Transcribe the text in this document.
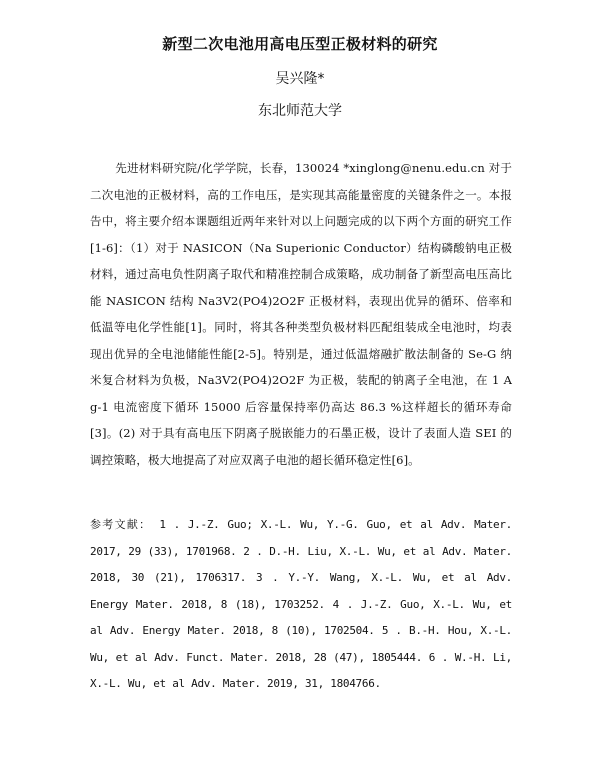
新型二次电池用高电压型正极材料的研究
吴兴隆*
东北师范大学
先进材料研究院/化学学院，长春，130024 *xinglong@nenu.edu.cn 对于二次电池的正极材料，高的工作电压，是实现其高能量密度的关键条件之一。本报告中，将主要介绍本课题组近两年来针对以上问题完成的以下两个方面的研究工作[1-6]：（1）对于 NASICON（Na Superionic Conductor）结构磷酸钠电正极材料，通过高电负性阴离子取代和精准控制合成策略，成功制备了新型高电压高比能 NASICON 结构 Na3V2(PO4)2O2F 正极材料，表现出优异的循环、倍率和低温等电化学性能[1]。同时，将其各种类型负极材料匹配组装成全电池时，均表现出优异的全电池储能性能[2-5]。特别是，通过低温熔融扩散法制备的 Se-G 纳米复合材料为负极，Na3V2(PO4)2O2F 为正极，装配的钠离子全电池，在 1 A g-1 电流密度下循环 15000 后容量保持率仍高达 86.3 %这样超长的循环寿命[3]。(2) 对于具有高电压下阴离子脱嵌能力的石墨正极，设计了表面人造 SEI 的调控策略，极大地提高了对应双离子电池的超长循环稳定性[6]。
参考文献： 1 . J.-Z. Guo; X.-L. Wu, Y.-G. Guo, et al Adv. Mater. 2017, 29 (33), 1701968. 2 . D.-H. Liu, X.-L. Wu, et al Adv. Mater. 2018, 30 (21), 1706317. 3 . Y.-Y. Wang, X.-L. Wu, et al Adv. Energy Mater. 2018, 8 (18), 1703252. 4 . J.-Z. Guo, X.-L. Wu, et al Adv. Energy Mater. 2018, 8 (10), 1702504. 5 . B.-H. Hou, X.-L. Wu, et al Adv. Funct. Mater. 2018, 28 (47), 1805444. 6 . W.-H. Li, X.-L. Wu, et al Adv. Mater. 2019, 31, 1804766.
